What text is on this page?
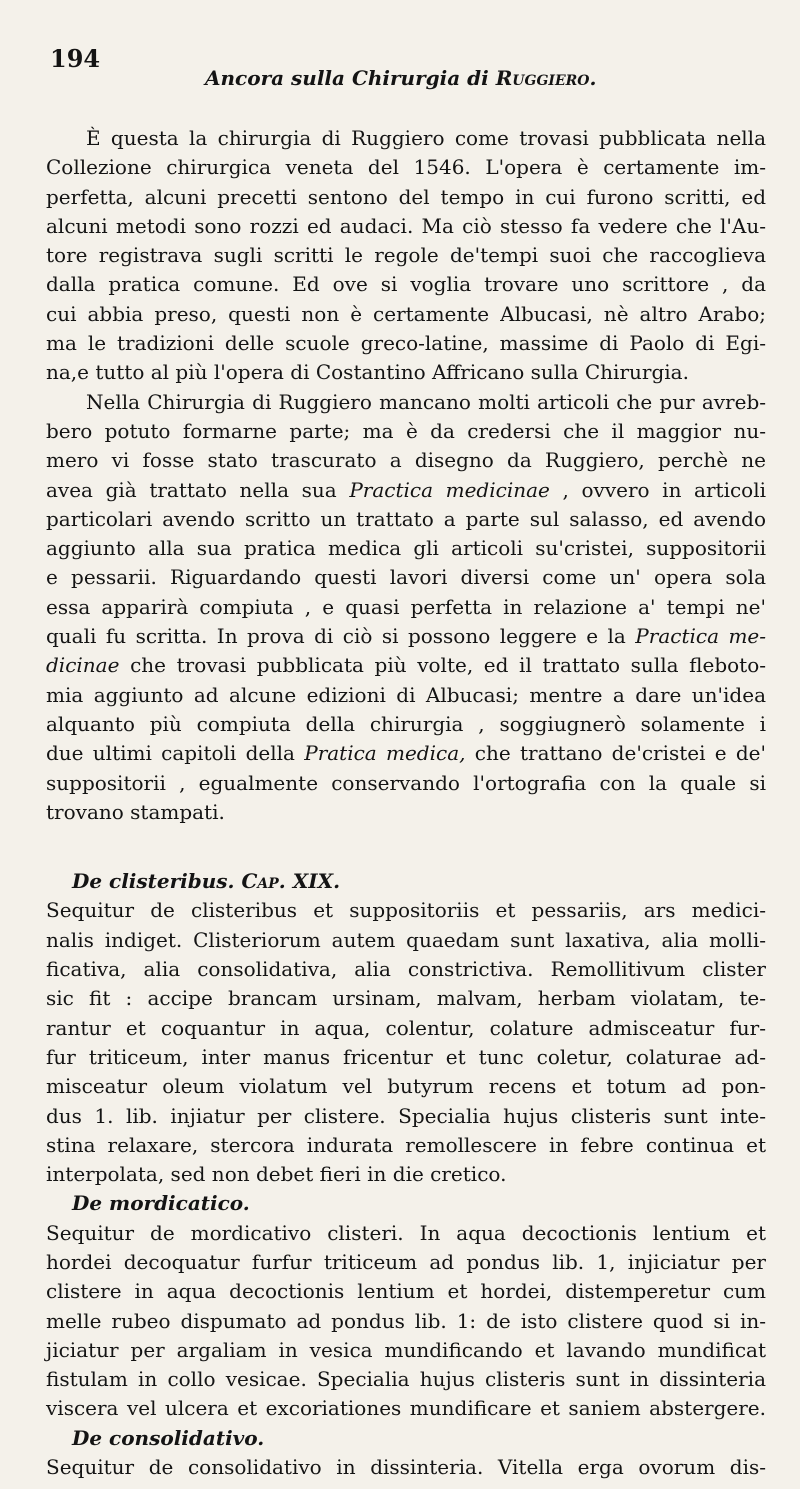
194
Ancora sulla Chirurgia di Ruggiero.

È questa la chirurgia di Ruggiero come trovasi pubblicata nella
Collezione chirurgica veneta del 1546. L'opera è certamente im-
perfetta, alcuni precetti sentono del tempo in cui furono scritti, ed
alcuni metodi sono rozzi ed audaci. Ma ciò stesso fa vedere che l'Au-
tore registrava sugli scritti le regole de'tempi suoi che raccoglieva
dalla pratica comune. Ed ove si voglia trovare uno scrittore , da
cui abbia preso, questi non è certamente Albucasi, nè altro Arabo;
ma le tradizioni delle scuole greco-latine, massime di Paolo di Egi-
na,e tutto al più l'opera di Costantino Affricano sulla Chirurgia.

Nella Chirurgia di Ruggiero mancano molti articoli che pur avreb-
bero potuto formarne parte; ma è da credersi che il maggior nu-
mero vi fosse stato trascurato a disegno da Ruggiero, perchè ne
avea già trattato nella sua Practica medicinae , ovvero in articoli
particolari avendo scritto un trattato a parte sul salasso, ed avendo
aggiunto alla sua pratica medica gli articoli su'cristei, suppositorii
e pessarii. Riguardando questi lavori diversi come un' opera sola
essa apparirà compiuta , e quasi perfetta in relazione a' tempi ne'
quali fu scritta. In prova di ciò si possono leggere e la Practica me-
dicinae che trovasi pubblicata più volte, ed il trattato sulla fleboto-
mia aggiunto ad alcune edizioni di Albucasi; mentre a dare un'idea
alquanto più compiuta della chirurgia , soggiugnerò solamente i
due ultimi capitoli della Pratica medica, che trattano de'cristei e de'
suppositorii , egualmente conservando l'ortografia con la quale si
trovano stampati.

De clisteribus. Cap. XIX.

Sequitur de clisteribus et suppositoriis et pessariis, ars medici-
nalis indiget. Clisteriorum autem quaedam sunt laxativa, alia molli-
ficativa, alia consolidativa, alia constrictiva. Remollitivum clister
sic fit : accipe brancam ursinam, malvam, herbam violatam, te-
rantur et coquantur in aqua, colentur, colature admisceatur fur-
fur triticeum, inter manus fricentur et tunc coletur, colaturae ad-
misceatur oleum violatum vel butyrum recens et totum ad pon-
dus 1. lib. injiatur per clistere. Specialia hujus clisteris sunt inte-
stina relaxare, stercora indurata remollescere in febre continua et
interpolata, sed non debet fieri in die cretico.

De mordicatico.

Sequitur de mordicativo clisteri. In aqua decoctionis lentium et
hordei decoquatur furfur triticeum ad pondus lib. 1, injiciatur per
clistere in aqua decoctionis lentium et hordei, distemperetur cum
melle rubeo dispumato ad pondus lib. 1: de isto clistere quod si in-
jiciatur per argaliam in vesica mundificando et lavando mundificat
fistulam in collo vesicae. Specialia hujus clisteris sunt in dissinteria
viscera vel ulcera et excoriationes mundificare et saniem abstergere.

De consolidativo.

Sequitur de consolidativo in dissinteria. Vitella erga ovorum dis-
